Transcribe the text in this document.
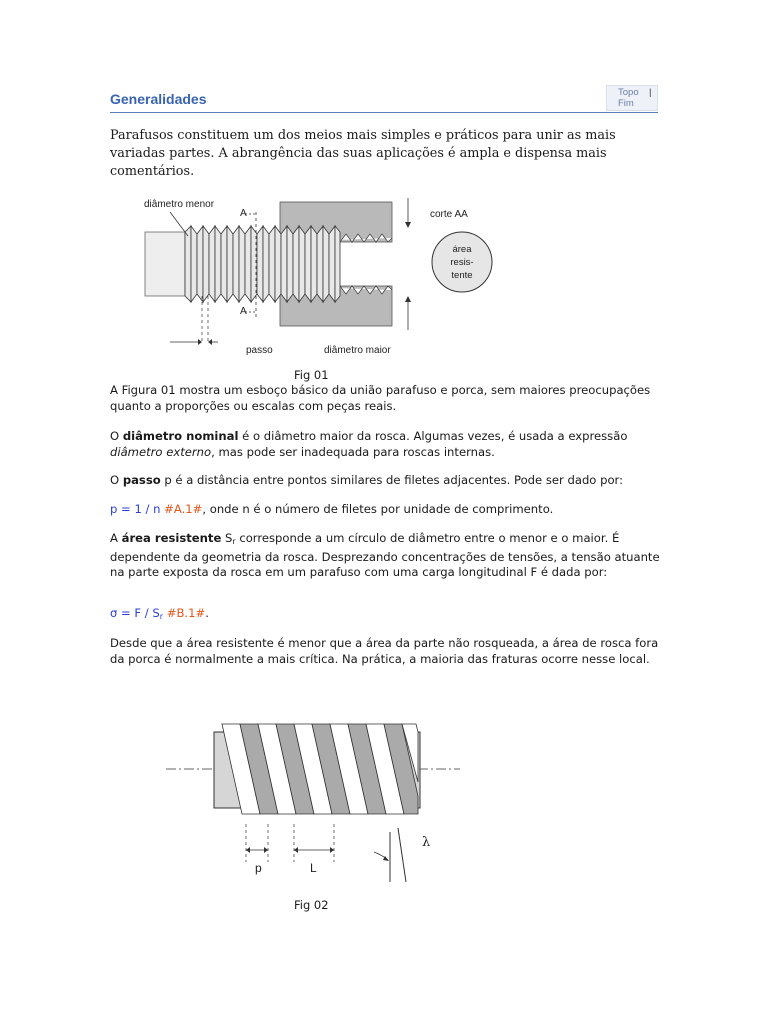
Generalidades	Topo |
Fim
Parafusos constituem um dos meios mais simples e práticos para unir as mais variadas partes. A abrangência das suas aplicações é ampla e dispensa mais comentários.
diâmetro menor
A
A
corte AA
área
resis-
tente
passo	diâmetro maior
Fig 01

A Figura 01 mostra um esboço básico da união parafuso e porca, sem maiores preocupações quanto a proporções ou escalas com peças reais.

O diâmetro nominal é o diâmetro maior da rosca. Algumas vezes, é usada a expressão diâmetro externo, mas pode ser inadequada para roscas internas.

O passo p é a distância entre pontos similares de filetes adjacentes. Pode ser dado por:

p = 1 / n #A.1#, onde n é o número de filetes por unidade de comprimento.

A área resistente $S_r$ corresponde a um círculo de diâmetro entre o menor e o maior. É dependente da geometria da rosca. Desprezando concentrações de tensões, a tensão atuante na parte exposta da rosca em um parafuso com uma carga longitudinal F é dada por:

$\sigma = F / S_r$ #B.1#.

Desde que a área resistente é menor que a área da parte não rosqueada, a área de rosca fora da porca é normalmente a mais crítica. Na prática, a maioria das fraturas ocorre nesse local.

p	L
λ
Fig 02
